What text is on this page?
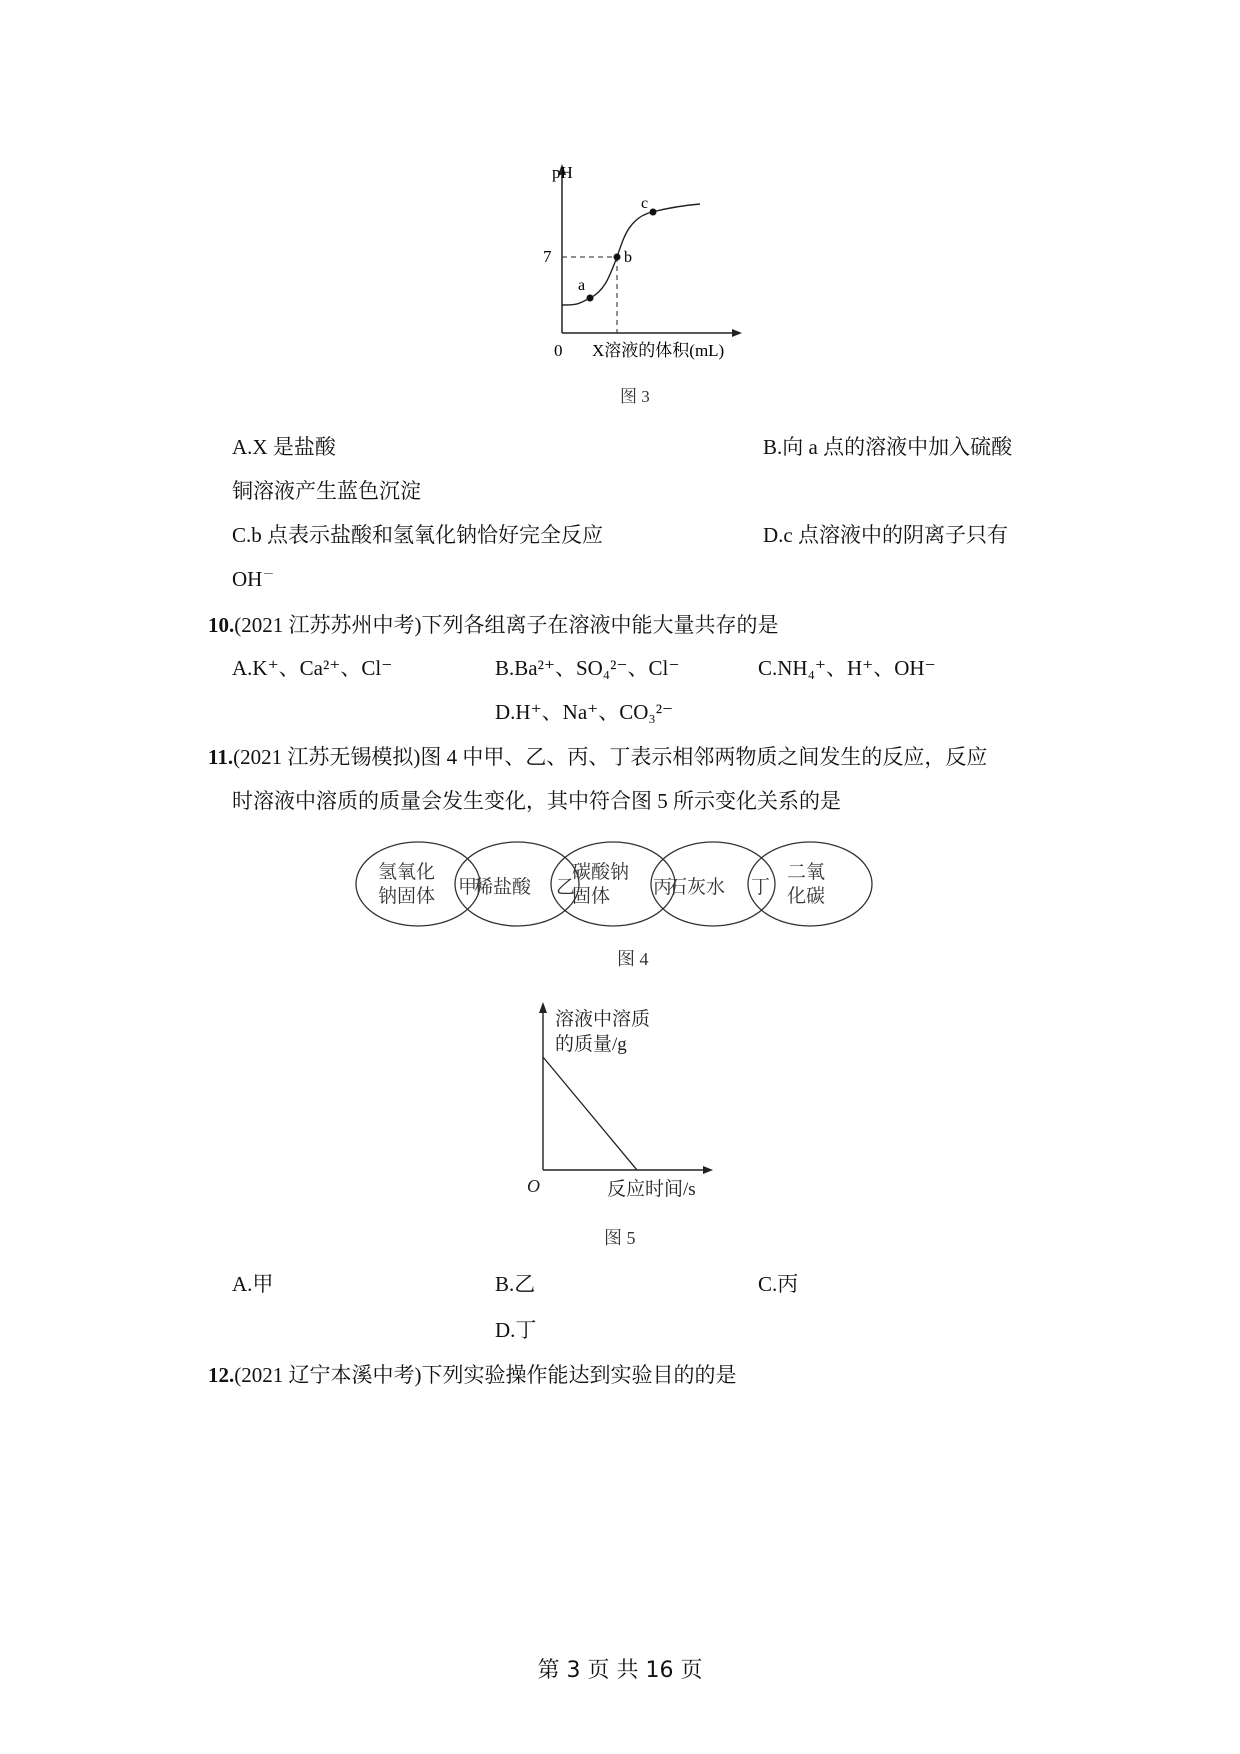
pH
7
0 X溶液的体积(mL)
a
b
c
图 3
A.X 是盐酸	B.向 a 点的溶液中加入硫酸
铜溶液产生蓝色沉淀
C.b 点表示盐酸和氢氧化钠恰好完全反应	D.c 点溶液中的阴离子只有
OH－
10.(2021 江苏苏州中考)下列各组离子在溶液中能大量共存的是
A.K⁺、Ca²⁺、Cl⁻	B.Ba²⁺、SO₄²⁻、Cl⁻	C.NH₄⁺、H⁺、OH⁻
D.H⁺、Na⁺、CO₃²⁻
11.(2021 江苏无锡模拟)图 4 中甲、乙、丙、丁表示相邻两物质之间发生的反应，反应
时溶液中溶质的质量会发生变化，其中符合图 5 所示变化关系的是
氢氧化
钠固体 稀盐酸
碳酸钠
固体	石灰水
二氧
化碳
甲	乙	丙	丁
图 4
溶液中溶质
的质量/g
O	反应时间/s
图 5
A.甲	B.乙	C.丙
D.丁
12.(2021 辽宁本溪中考)下列实验操作能达到实验目的的是
第 3 页 共 16 页
